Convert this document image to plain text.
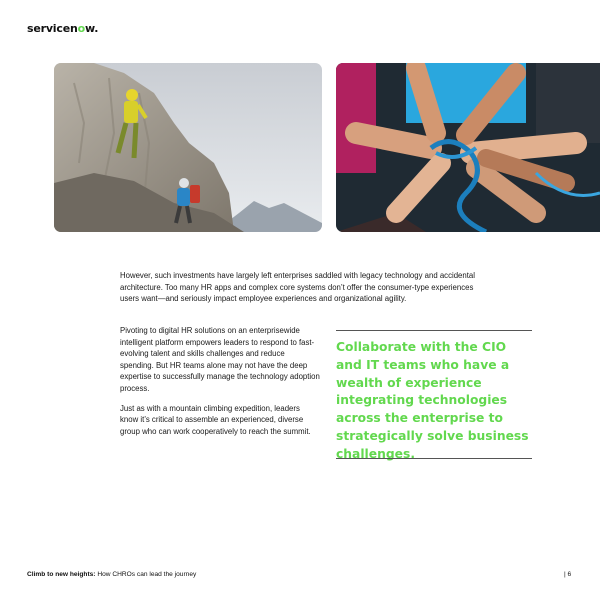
servicenow.

However, such investments have largely left enterprises saddled with legacy technology and accidental architecture. Too many HR apps and complex core systems don’t offer the consumer-type experiences users want—and seriously impact employee experiences and organizational agility.

Pivoting to digital HR solutions on an enterprisewide intelligent platform empowers leaders to respond to fast-evolving talent and skills challenges and reduce spending. But HR teams alone may not have the deep expertise to successfully manage the technology adoption process.

Just as with a mountain climbing expedition, leaders know it’s critical to assemble an experienced, diverse group who can work cooperatively to reach the summit.

Collaborate with the CIO and IT teams who have a wealth of experience integrating technologies across the enterprise to strategically solve business challenges.

Climb to new heights: How CHROs can lead the journey	| 6
